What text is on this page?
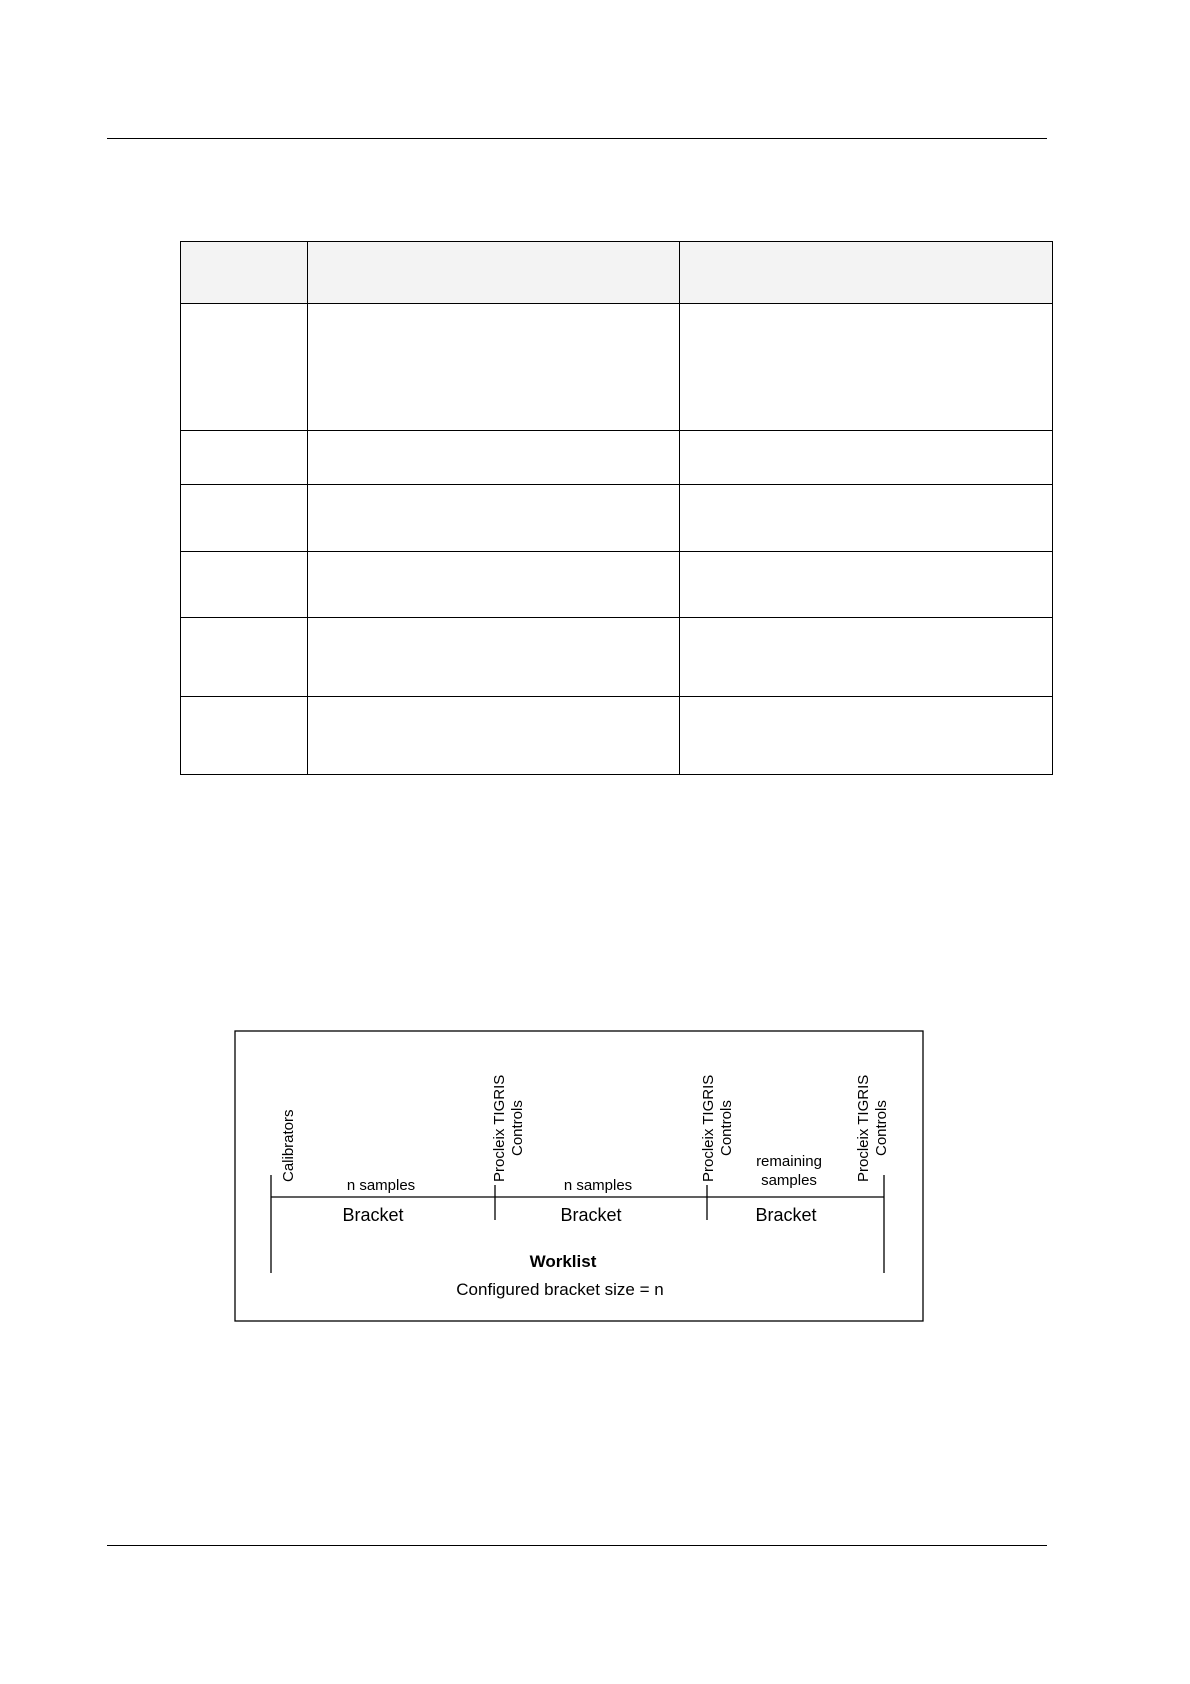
Calibrators	Procleix TIGRIS Controls	Procleix TIGRIS Controls	Procleix TIGRIS Controls
n samples	n samples
remaining
samples
Bracket	Bracket	Bracket
Worklist
Configured bracket size = n
